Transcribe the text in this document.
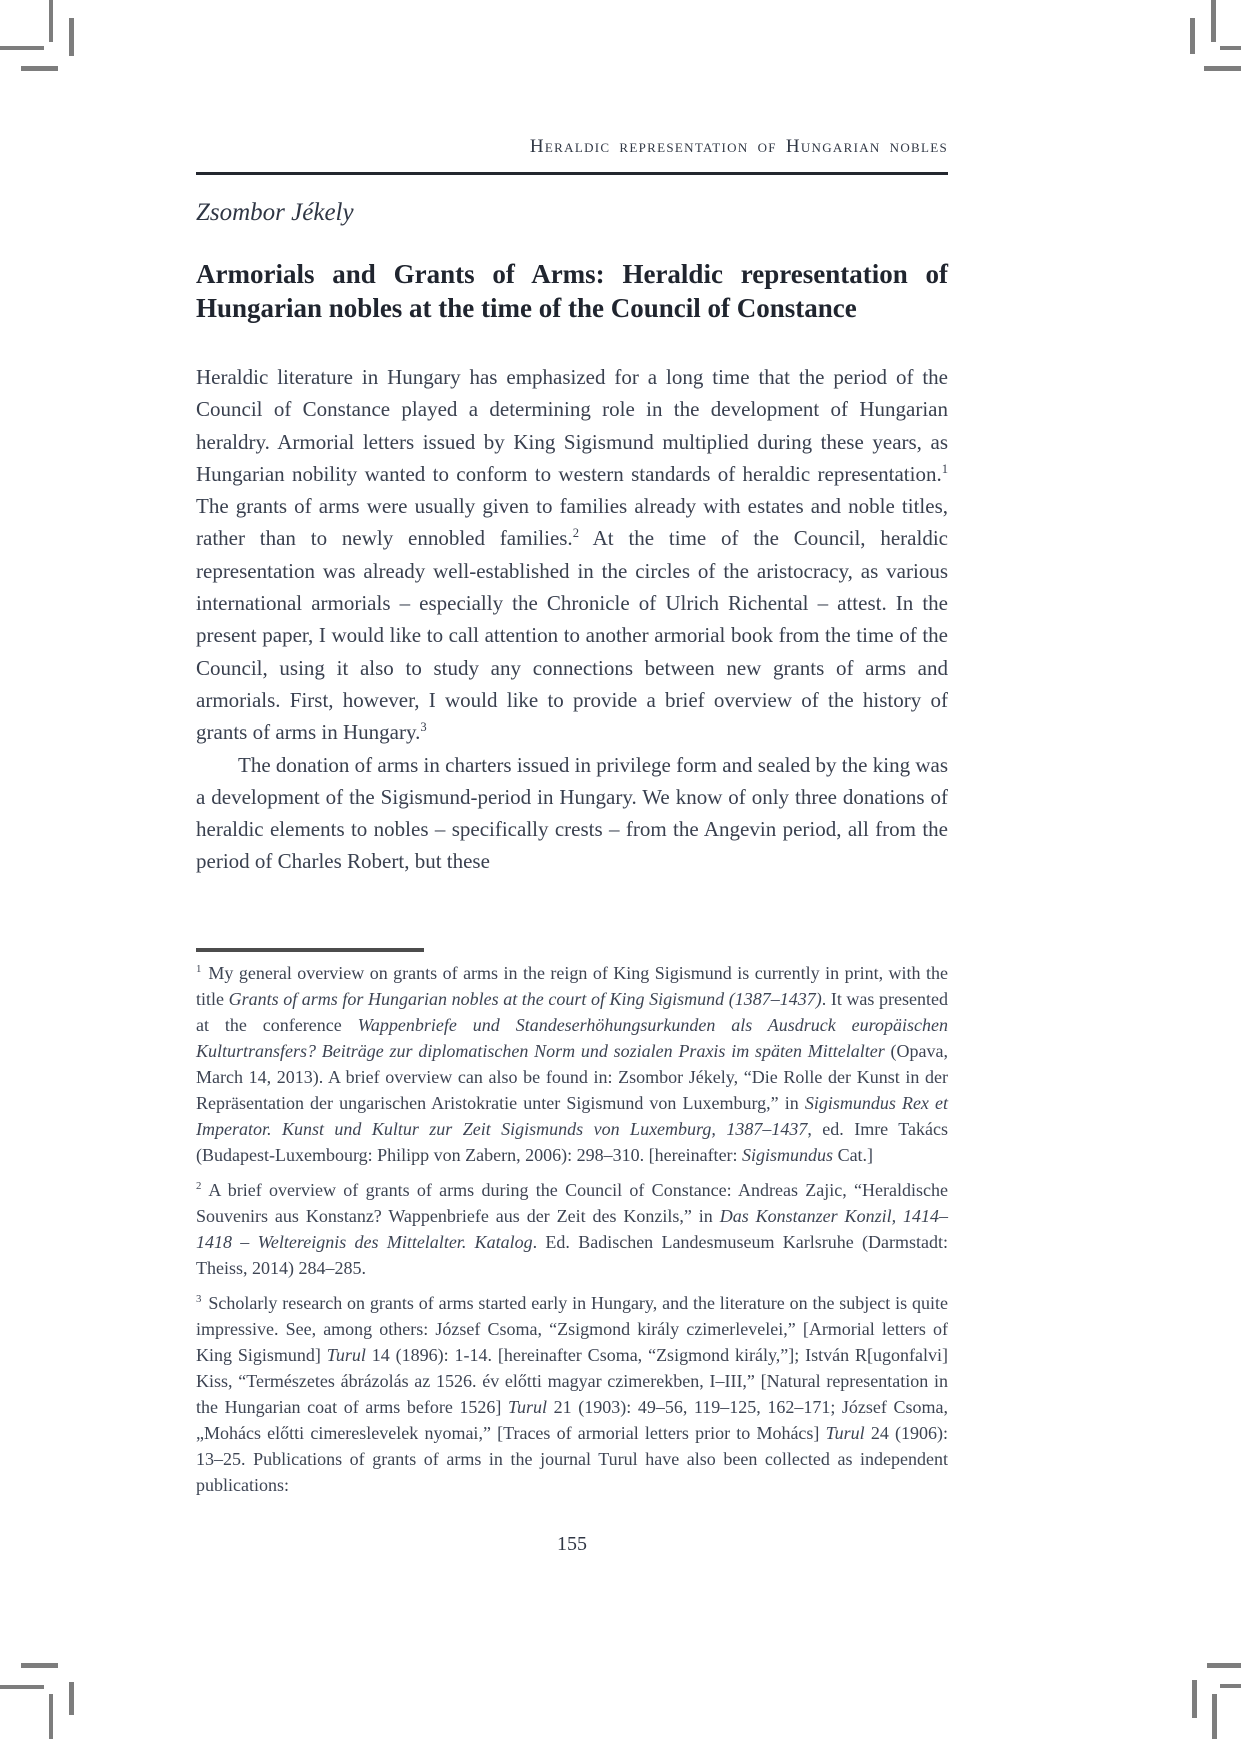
Heraldic representation of Hungarian nobles
Zsombor Jékely
Armorials and Grants of Arms: Heraldic representation of Hungarian nobles at the time of the Council of Constance

Heraldic literature in Hungary has emphasized for a long time that the period of the Council of Constance played a determining role in the development of Hungarian heraldry. Armorial letters issued by King Sigismund multiplied during these years, as Hungarian nobility wanted to conform to western standards of heraldic representation.$^1$ The grants of arms were usually given to families already with estates and noble titles, rather than to newly ennobled families.$^2$ At the time of the Council, heraldic representation was already well-established in the circles of the aristocracy, as various international armorials – especially the Chronicle of Ulrich Richental – attest. In the present paper, I would like to call attention to another armorial book from the time of the Council, using it also to study any connections between new grants of arms and armorials. First, however, I would like to provide a brief overview of the history of grants of arms in Hungary.$^3$

The donation of arms in charters issued in privilege form and sealed by the king was a development of the Sigismund-period in Hungary. We know of only three donations of heraldic elements to nobles – specifically crests – from the Angevin period, all from the period of Charles Robert, but these

$^1$ My general overview on grants of arms in the reign of King Sigismund is currently in print, with the title Grants of arms for Hungarian nobles at the court of King Sigismund (1387–1437). It was presented at the conference Wappenbriefe und Standeserhöhungsurkunden als Ausdruck europäischen Kulturtransfers? Beiträge zur diplomatischen Norm und sozialen Praxis im späten Mittelalter (Opava, March 14, 2013). A brief overview can also be found in: Zsombor Jékely, “Die Rolle der Kunst in der Repräsentation der ungarischen Aristokratie unter Sigismund von Luxemburg,” in Sigismundus Rex et Imperator. Kunst und Kultur zur Zeit Sigismunds von Luxemburg, 1387–1437, ed. Imre Takács (Budapest-Luxembourg: Philipp von Zabern, 2006): 298–310. [hereinafter: Sigismundus Cat.]

$^2$ A brief overview of grants of arms during the Council of Constance: Andreas Zajic, “Heraldische Souvenirs aus Konstanz? Wappenbriefe aus der Zeit des Konzils,” in Das Konstanzer Konzil, 1414–1418 – Weltereignis des Mittelalter. Katalog. Ed. Badischen Landesmuseum Karlsruhe (Darmstadt: Theiss, 2014) 284–285.

$^3$ Scholarly research on grants of arms started early in Hungary, and the literature on the subject is quite impressive. See, among others: József Csoma, “Zsigmond király czimerlevelei,” [Armorial letters of King Sigismund] Turul 14 (1896): 1-14. [hereinafter Csoma, “Zsigmond király,”]; István R[ugonfalvi] Kiss, “Természetes ábrázolás az 1526. év előtti magyar czimerekben, I–III,” [Natural representation in the Hungarian coat of arms before 1526] Turul 21 (1903): 49–56, 119–125, 162–171; József Csoma, „Mohács előtti cimereslevelek nyomai,” [Traces of armorial letters prior to Mohács] Turul 24 (1906): 13–25. Publications of grants of arms in the journal Turul have also been collected as independent publications:

155
